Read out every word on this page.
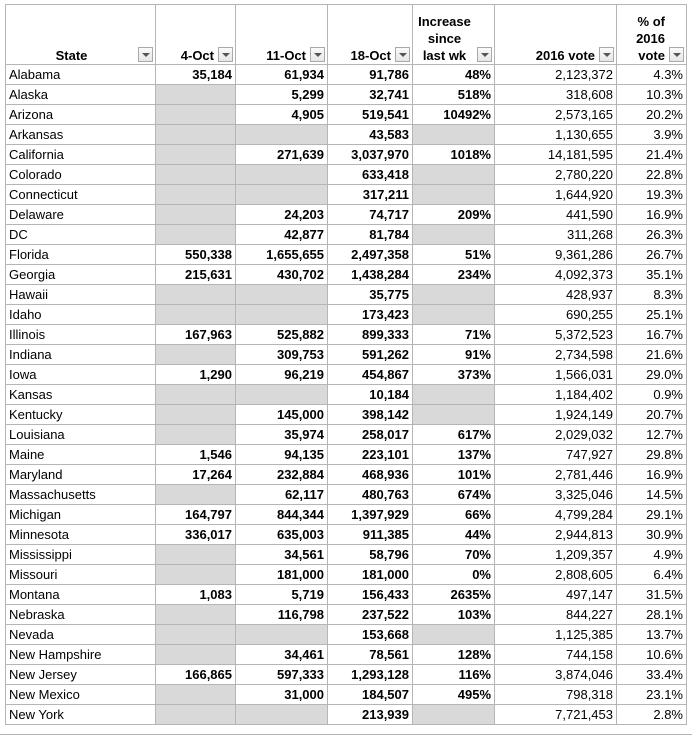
State	4-Oct	11-Oct	18-Oct	Increase since last wk	2016 vote	% of 2016 vote

Alabama	35,184	61,934	91,786	48%	2,123,372	4.3%
Alaska		5,299	32,741	518%	318,608	10.3%
Arizona		4,905	519,541	10492%	2,573,165	20.2%
Arkansas			43,583		1,130,655	3.9%
California		271,639	3,037,970	1018%	14,181,595	21.4%
Colorado			633,418		2,780,220	22.8%
Connecticut			317,211		1,644,920	19.3%
Delaware		24,203	74,717	209%	441,590	16.9%
DC		42,877	81,784		311,268	26.3%
Florida	550,338	1,655,655	2,497,358	51%	9,361,286	26.7%
Georgia	215,631	430,702	1,438,284	234%	4,092,373	35.1%
Hawaii			35,775		428,937	8.3%
Idaho			173,423		690,255	25.1%
Illinois	167,963	525,882	899,333	71%	5,372,523	16.7%
Indiana		309,753	591,262	91%	2,734,598	21.6%
Iowa	1,290	96,219	454,867	373%	1,566,031	29.0%
Kansas			10,184		1,184,402	0.9%
Kentucky		145,000	398,142		1,924,149	20.7%
Louisiana		35,974	258,017	617%	2,029,032	12.7%
Maine	1,546	94,135	223,101	137%	747,927	29.8%
Maryland	17,264	232,884	468,936	101%	2,781,446	16.9%
Massachusetts		62,117	480,763	674%	3,325,046	14.5%
Michigan	164,797	844,344	1,397,929	66%	4,799,284	29.1%
Minnesota	336,017	635,003	911,385	44%	2,944,813	30.9%
Mississippi		34,561	58,796	70%	1,209,357	4.9%
Missouri		181,000	181,000	0%	2,808,605	6.4%
Montana	1,083	5,719	156,433	2635%	497,147	31.5%
Nebraska		116,798	237,522	103%	844,227	28.1%
Nevada			153,668		1,125,385	13.7%
New Hampshire		34,461	78,561	128%	744,158	10.6%
New Jersey	166,865	597,333	1,293,128	116%	3,874,046	33.4%
New Mexico		31,000	184,507	495%	798,318	23.1%
New York			213,939		7,721,453	2.8%
